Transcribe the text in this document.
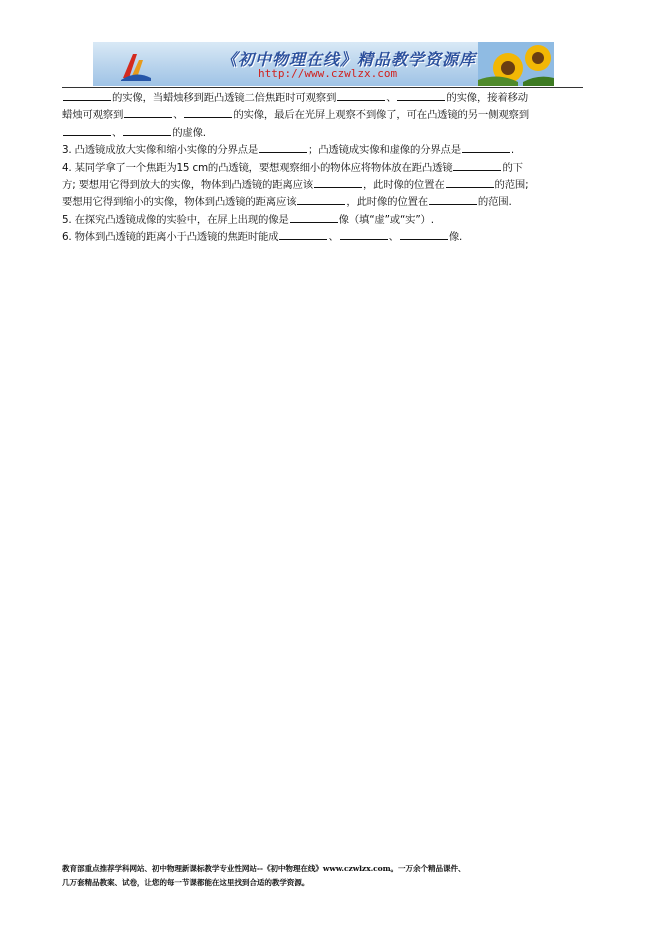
《初中物理在线》精品教学资源库
http://www.czwlzx.com
的实像，当蜡烛移到距凸透镜二倍焦距时可观察到	、	的实像，接着移动
蜡烛可观察到	、	的实像，最后在光屏上观察不到像了，可在凸透镜的另一侧观察到
、	的虚像.
3. 凸透镜成放大实像和缩小实像的分界点是	；凸透镜成实像和虚像的分界点是	.
4. 某同学拿了一个焦距为15 cm的凸透镜，要想观察细小的物体应将物体放在距凸透镜	的下
方; 要想用它得到放大的实像，物体到凸透镜的距离应该	，此时像的位置在	的范围;
要想用它得到缩小的实像，物体到凸透镜的距离应该	，此时像的位置在	的范围.
5. 在探究凸透镜成像的实验中，在屏上出现的像是	像（填“虚”或“实”）.
6. 物体到凸透镜的距离小于凸透镜的焦距时能成	、	、	像.
教育部重点推荐学科网站、初中物理新课标教学专业性网站--《初中物理在线》www.czwlzx.com。一万余个精品课件、
几万套精品教案、试卷，让您的每一节课都能在这里找到合适的教学资源。
